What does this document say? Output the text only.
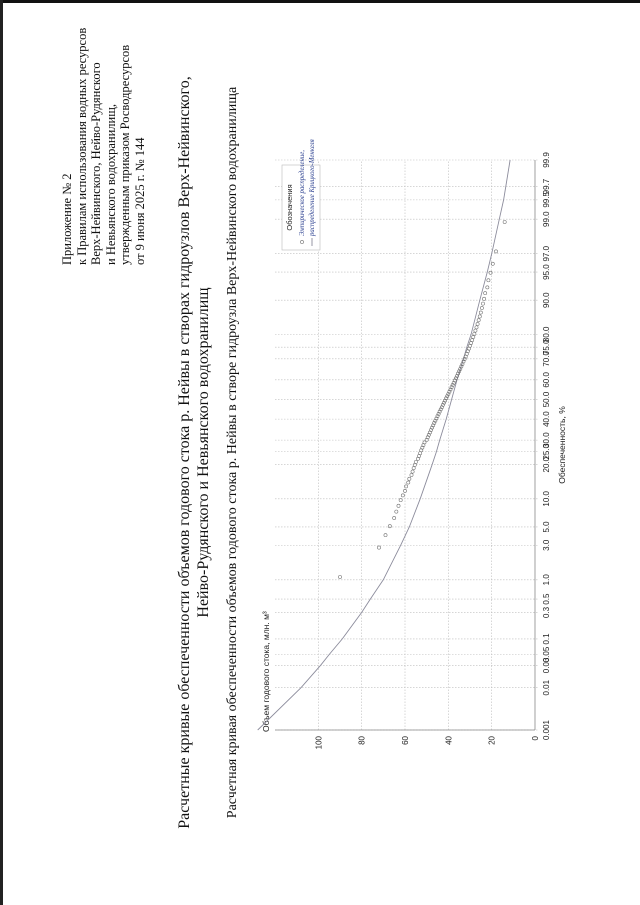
Приложение № 2 к Правилам использования водных ресурсов Верх-Нейвинского, Нейво-Рудянского и Невьянского водохранилищ, утвержденным приказом Росводресурсов от 9 июня 2025 г. № 144 Расчетные кривые обеспеченности объемов годового стока р. Нейвы в створах гидроузлов Верх-Нейвинского, Нейво-Рудянского и Невьянского водохранилищ Расчетная кривая обеспеченности объемов годового стока р. Нейвы в створе гидроузла Верх-Нейвинского водохранилища	0.001
0.01
0.03
0.05
0.1
0.3
0.5
1.0
3.0
5.0
10.0
20.0
25.0
30.0
40.0
50.0
60.0
70.0
75.0
80.0
90.0
95.0
97.0
99.0
99.5
99.7
99.9
0
20
40
60
80
100
Обеспеченность, %
Объем годового стока, млн. м³
Обозначения Эмпирическое распределение, распределение Крицкого-Менкеля
